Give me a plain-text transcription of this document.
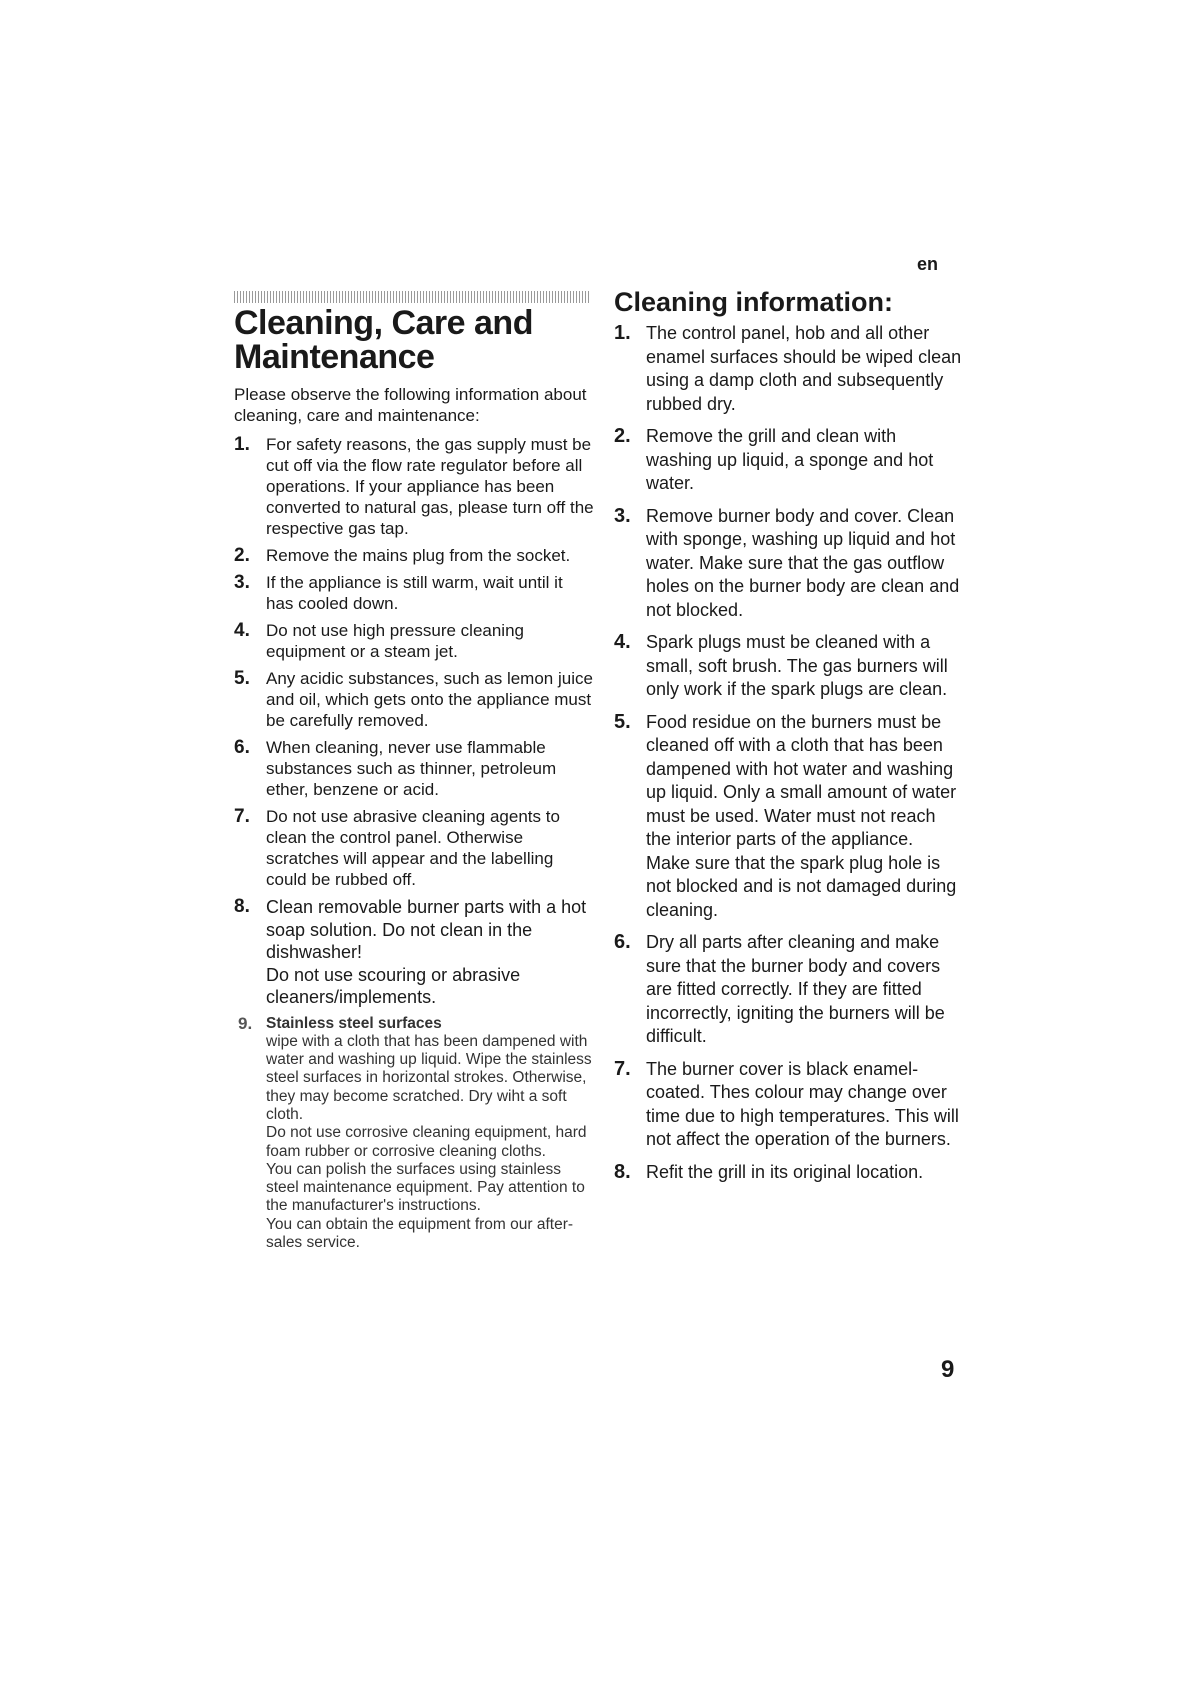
en
Cleaning, Care and
Maintenance
Please observe the following information about cleaning, care and maintenance:
1. For safety reasons, the gas supply must be cut off via the flow rate regulator before all operations. If your appliance has been converted to natural gas, please turn off the respective gas tap.
2. Remove the mains plug from the socket.
3. If the appliance is still warm, wait until it has cooled down.
4. Do not use high pressure cleaning equipment or a steam jet.
5. Any acidic substances, such as lemon juice and oil, which gets onto the appliance must be carefully removed.
6. When cleaning, never use flammable substances such as thinner, petroleum ether, benzene or acid.
7. Do not use abrasive cleaning agents to clean the control panel. Otherwise scratches will appear and the labelling could be rubbed off.
8. Clean removable burner parts with a hot soap solution. Do not clean in the dishwasher!
Do not use scouring or abrasive cleaners/implements.
9. Stainless steel surfaces
wipe with a cloth that has been dampened with water and washing up liquid. Wipe the stainless steel surfaces in horizontal strokes. Otherwise, they may become scratched. Dry wiht a soft cloth.
Do not use corrosive cleaning equipment, hard foam rubber or corrosive cleaning cloths.
You can polish the surfaces using stainless steel maintenance equipment. Pay attention to the manufacturer's instructions.
You can obtain the equipment from our after-sales service.
Cleaning information:
1. The control panel, hob and all other enamel surfaces should be wiped clean using a damp cloth and subsequently rubbed dry.
2. Remove the grill and clean with washing up liquid, a sponge and hot water.
3. Remove burner body and cover. Clean with sponge, washing up liquid and hot water. Make sure that the gas outflow holes on the burner body are clean and not blocked.
4. Spark plugs must be cleaned with a small, soft brush. The gas burners will only work if the spark plugs are clean.
5. Food residue on the burners must be cleaned off with a cloth that has been dampened with hot water and washing up liquid. Only a small amount of water must be used. Water must not reach the interior parts of the appliance. Make sure that the spark plug hole is not blocked and is not damaged during cleaning.
6. Dry all parts after cleaning and make sure that the burner body and covers are fitted correctly. If they are fitted incorrectly, igniting the burners will be difficult.
7. The burner cover is black enamel-coated. Thes colour may change over time due to high temperatures. This will not affect the operation of the burners.
8. Refit the grill in its original location.
9
